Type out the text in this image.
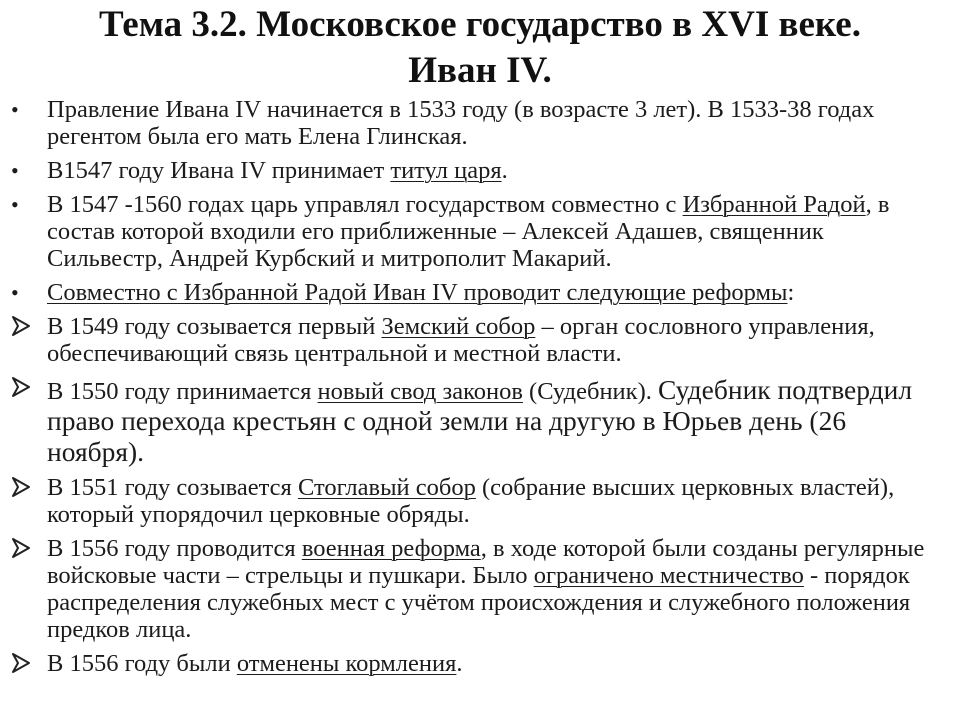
Тема 3.2. Московское государство в XVI веке.
Иван IV.
•	Правление Ивана IV начинается в 1533 году (в возрасте 3 лет). В 1533-38 годах регентом была его мать Елена Глинская.
•	В1547 году Ивана IV принимает титул царя.
•	В 1547 -1560 годах царь управлял государством совместно с Избранной Радой, в состав которой входили его приближенные – Алексей Адашев, священник Сильвестр, Андрей Курбский и митрополит Макарий.
•	Совместно с Избранной Радой Иван IV проводит следующие реформы:
В 1549 году созывается первый Земский собор – орган сословного управления, обеспечивающий связь центральной и местной власти.
В 1550 году принимается новый свод законов (Судебник). Судебник подтвердил право перехода крестьян с одной земли на другую в Юрьев день (26 ноября).
В 1551 году созывается Стоглавый собор (собрание высших церковных властей), который упорядочил церковные обряды.
В 1556 году проводится военная реформа, в ходе которой были созданы регулярные войсковые части – стрельцы и пушкари. Было ограничено местничество - порядок распределения служебных мест с учётом происхождения и служебного положения предков лица.
В 1556 году были отменены кормления.
